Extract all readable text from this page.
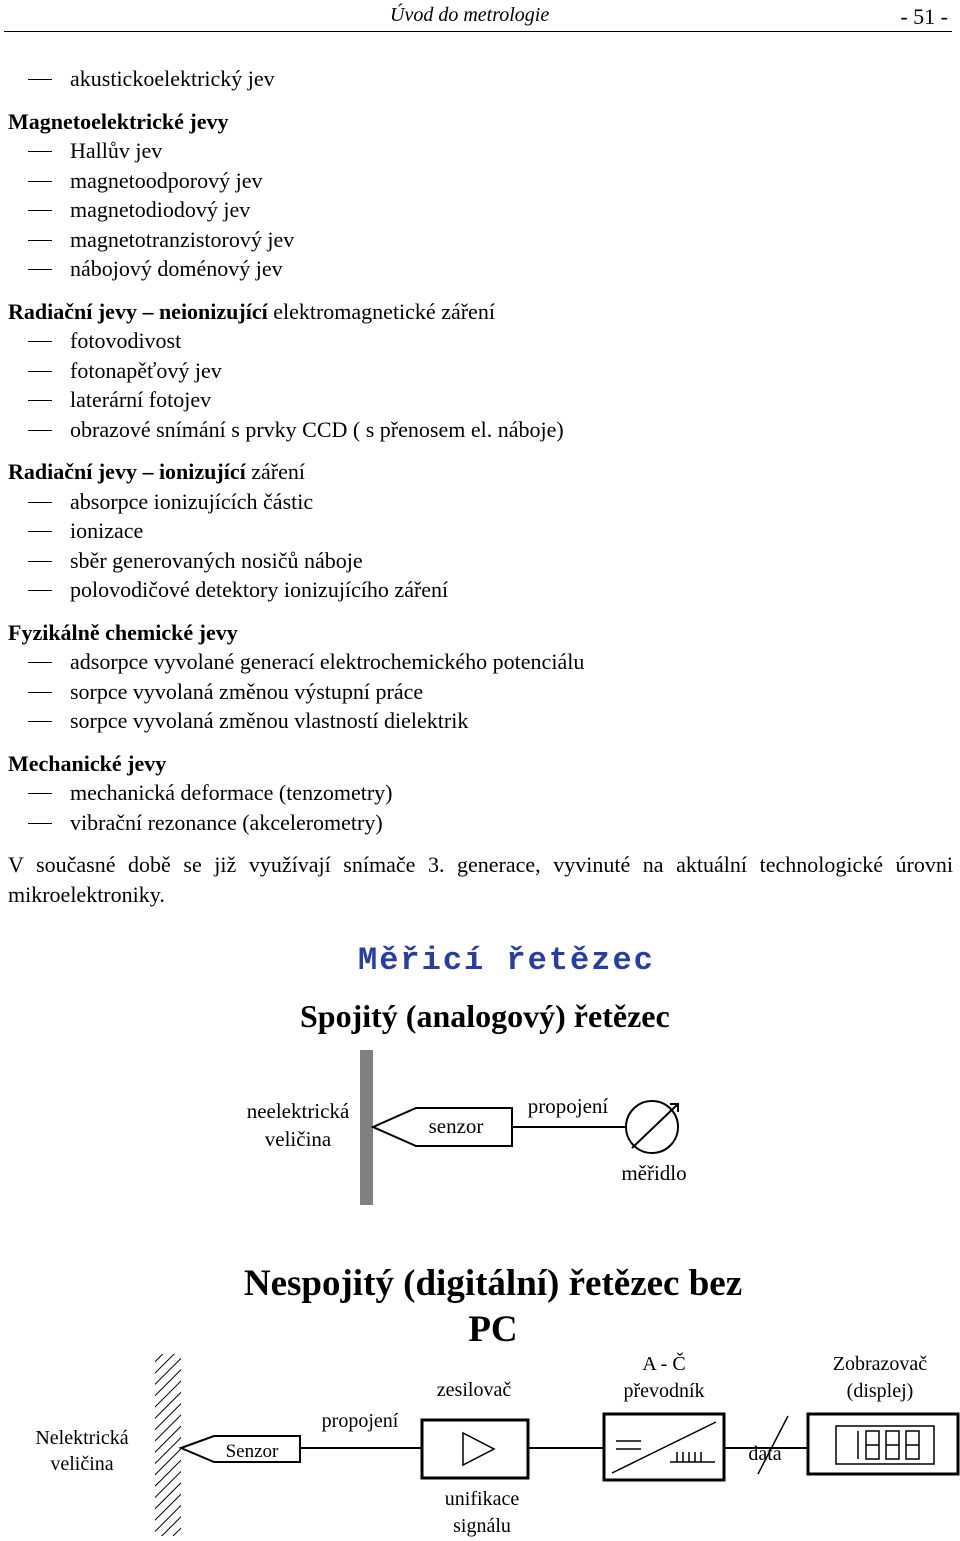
Úvod do metrologie	- 51 -
akustickoelektrický jev
Magnetoelektrické jevy
Hallův jev
magnetoodporový jev
magnetodiodový jev
magnetotranzistorový jev
nábojový doménový jev
Radiační jevy – neionizující elektromagnetické záření
fotovodivost
fotonapěťový jev
laterární fotojev
obrazové snímání s prvky CCD ( s přenosem el. náboje)
Radiační jevy – ionizující záření
absorpce ionizujících částic
ionizace
sběr generovaných nosičů náboje
polovodičové detektory ionizujícího záření
Fyzikálně chemické jevy
adsorpce vyvolané generací elektrochemického potenciálu
sorpce vyvolaná změnou výstupní práce
sorpce vyvolaná změnou vlastností dielektrik
Mechanické jevy
mechanická deformace (tenzometry)
vibrační rezonance (akcelerometry)
V současné době se již využívají snímače 3. generace, vyvinuté na aktuální technologické úrovni mikroelektroniky.
Měřicí řetězec
Spojitý (analogový) řetězec
Nespojitý (digitální) řetězec bez PC
neelektrická
veličina
senzor
propojení
měřidlo
Nelektrická
veličina
Senzor
propojení
zesilovač
unifikace
signálu
A - Č
převodník
data
Zobrazovač
(displej)
